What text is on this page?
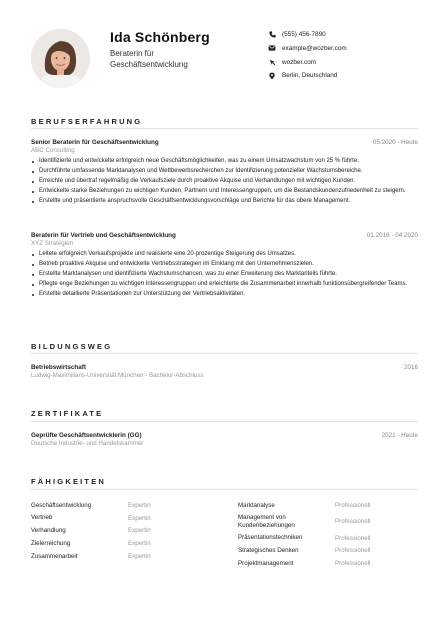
Ida Schönberg
Beraterin für Geschäftsentwicklung
(555) 456-7890
example@wozber.com
wozber.com
Berlin, Deutschland
BERUFSERFAHRUNG
Senior Beraterin für Geschäftsentwicklung	05.2020 - Heute
ABC Consulting
Identifizierte und entwickelte erfolgreich neue Geschäftsmöglichkeiten, was zu einem Umsatzwachstum von 25 % führte.
Durchführte umfassende Marktanalysen und Wettbewerbsrecherchen zur Identifizierung potenzieller Wachstumsbereiche.
Erreichte und übertraf regelmäßig die Verkaufsziele durch proaktive Akquise und Verhandlungen mit wichtigen Kunden.
Entwickelte starke Beziehungen zu wichtigen Kunden, Partnern und Interessengruppen, um die Bestandskundenzufriedenheit zu steigern.
Erstellte und präsentierte anspruchsvolle Geschäftsentwicklungsvorschläge und Berichte für das obere Management.
Beraterin für Vertrieb und Geschäftsentwicklung	01.2016 - 04.2020
XYZ Strategien
Leitete erfolgreich Verkaufsprojekte und realisierte eine 20-prozentige Steigerung des Umsatzes.
Betrieb proaktive Akquise und entwickelte Vertriebsstrategien im Einklang mit den Unternehmenszielen.
Erstellte Marktanalysen und identifizierte Wachstumschancen, was zu einer Erweiterung des Marktanteils führte.
Pflegte enge Beziehungen zu wichtigen Interessengruppen und erleichterte die Zusammenarbeit innerhalb funktionsübergreifender Teams.
Erstellte detaillierte Präsentationen zur Unterstützung der Vertriebsaktivitäten.
BILDUNGSWEG
Betriebswirtschaft	2016
Ludwig-Maximilians-Universität München - Bachelor-Abschluss
ZERTIFIKATE
Geprüfte Geschäftsentwicklerin (GG)	2021 - Heute
Deutsche Industrie- und Handelskammer
FÄHIGKEITEN
Geschäftsentwicklung	Expertin
Vertrieb	Expertin
Verhandlung	Expertin
Zielerreichung	Expertin
Zusammenarbeit	Expertin
Marktanalyse	Professionell
Management von Kundenbeziehungen	Professionell
Präsentationstechniken	Professionell
Strategisches Denken	Professionell
Projektmanagement	Professionell
